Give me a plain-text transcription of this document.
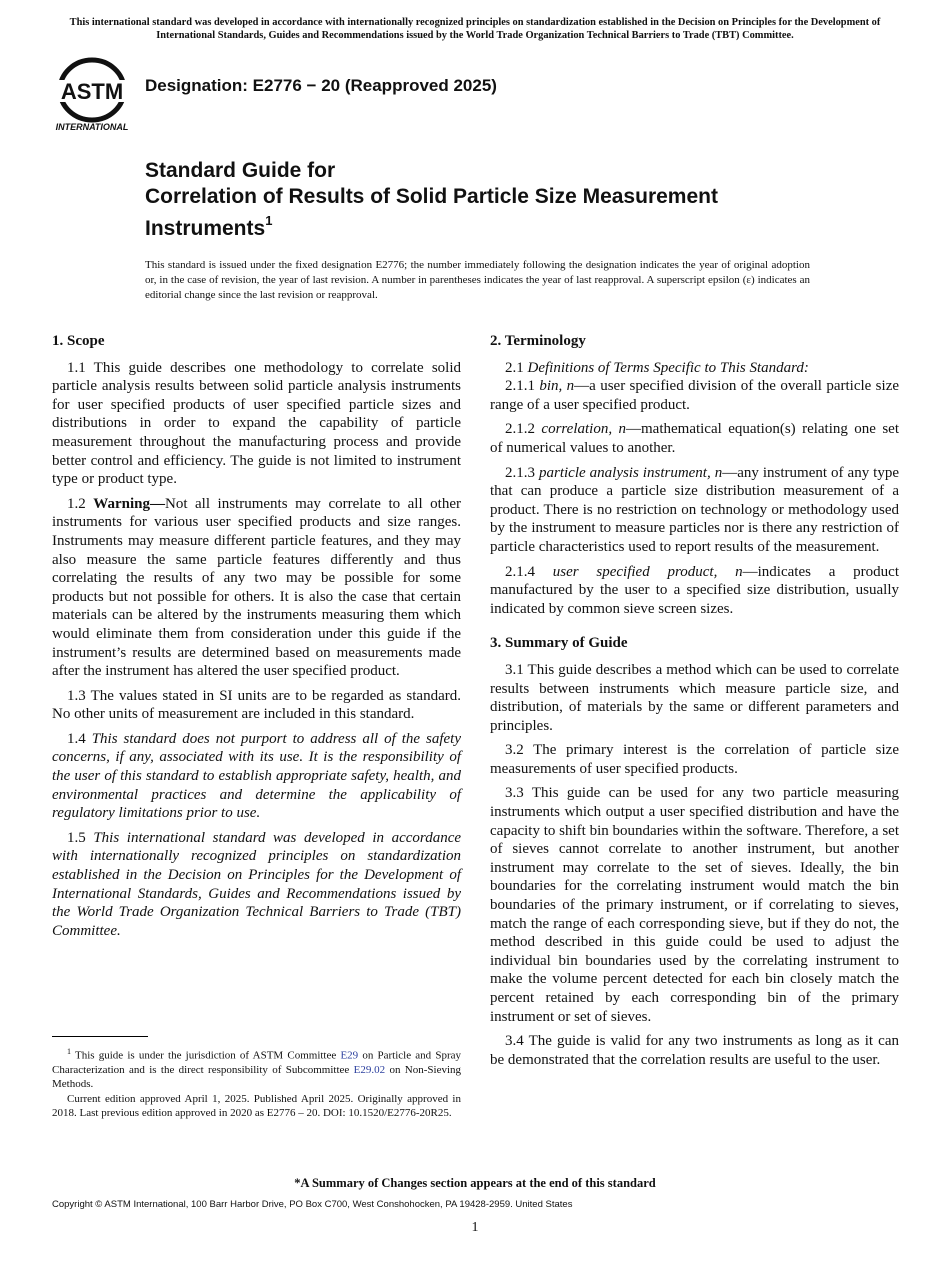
This international standard was developed in accordance with internationally recognized principles on standardization established in the Decision on Principles for the Development of International Standards, Guides and Recommendations issued by the World Trade Organization Technical Barriers to Trade (TBT) Committee.
ASTM
INTERNATIONAL
Designation: E2776 − 20 (Reapproved 2025)
Standard Guide for
Correlation of Results of Solid Particle Size Measurement
Instruments$^1$
This standard is issued under the fixed designation E2776; the number immediately following the designation indicates the year of original adoption or, in the case of revision, the year of last revision. A number in parentheses indicates the year of last reapproval. A superscript epsilon (ε) indicates an editorial change since the last revision or reapproval.
1. Scope

1.1 This guide describes one methodology to correlate solid particle analysis results between solid particle analysis instruments for user specified products of user specified particle sizes and distributions in order to expand the capability of particle measurement throughout the manufacturing process and provide better control and efficiency. The guide is not limited to instrument type or product type.

1.2 Warning—Not all instruments may correlate to all other instruments for various user specified products and size ranges. Instruments may measure different particle features, and they may also measure the same particle features differently and thus correlating the results of any two may be possible for some products but not possible for others. It is also the case that certain materials can be altered by the instruments measuring them which would eliminate them from consideration under this guide if the instrument’s results are determined based on measurements made after the instrument has altered the user specified product.

1.3 The values stated in SI units are to be regarded as standard. No other units of measurement are included in this standard.

1.4 This standard does not purport to address all of the safety concerns, if any, associated with its use. It is the responsibility of the user of this standard to establish appropriate safety, health, and environmental practices and determine the applicability of regulatory limitations prior to use.

1.5 This international standard was developed in accordance with internationally recognized principles on standardization established in the Decision on Principles for the Development of International Standards, Guides and Recommendations issued by the World Trade Organization Technical Barriers to Trade (TBT) Committee.

2. Terminology

2.1 Definitions of Terms Specific to This Standard:

2.1.1 bin, n—a user specified division of the overall particle size range of a user specified product.

2.1.2 correlation, n—mathematical equation(s) relating one set of numerical values to another.

2.1.3 particle analysis instrument, n—any instrument of any type that can produce a particle size distribution measurement of a product. There is no restriction on technology or methodology used by the instrument to measure particles nor is there any restriction of particle characteristics used to report results of the measurement.

2.1.4 user specified product, n—indicates a product manufactured by the user to a specified size distribution, usually indicated by common sieve screen sizes.

3. Summary of Guide

3.1 This guide describes a method which can be used to correlate results between instruments which measure particle size, and distribution, of materials by the same or different parameters and principles.

3.2 The primary interest is the correlation of particle size measurements of user specified products.

3.3 This guide can be used for any two particle measuring instruments which output a user specified distribution and have the capacity to shift bin boundaries within the software. Therefore, a set of sieves cannot correlate to another instrument, but another instrument may correlate to the set of sieves. Ideally, the bin boundaries for the correlating instrument would match the bin boundaries of the primary instrument, or if correlating to sieves, match the range of each corresponding sieve, but if they do not, the method described in this guide could be used to adjust the individual bin boundaries used by the correlating instrument to make the volume percent detected for each bin closely match the percent retained by each corresponding bin of the primary instrument or set of sieves.

3.4 The guide is valid for any two instruments as long as it can be demonstrated that the correlation results are useful to the user.

$^1$ This guide is under the jurisdiction of ASTM Committee E29 on Particle and Spray Characterization and is the direct responsibility of Subcommittee E29.02 on Non-Sieving Methods.

Current edition approved April 1, 2025. Published April 2025. Originally approved in 2018. Last previous edition approved in 2020 as E2776 – 20. DOI: 10.1520/E2776-20R25.

*A Summary of Changes section appears at the end of this standard
Copyright © ASTM International, 100 Barr Harbor Drive, PO Box C700, West Conshohocken, PA 19428-2959. United States
1
